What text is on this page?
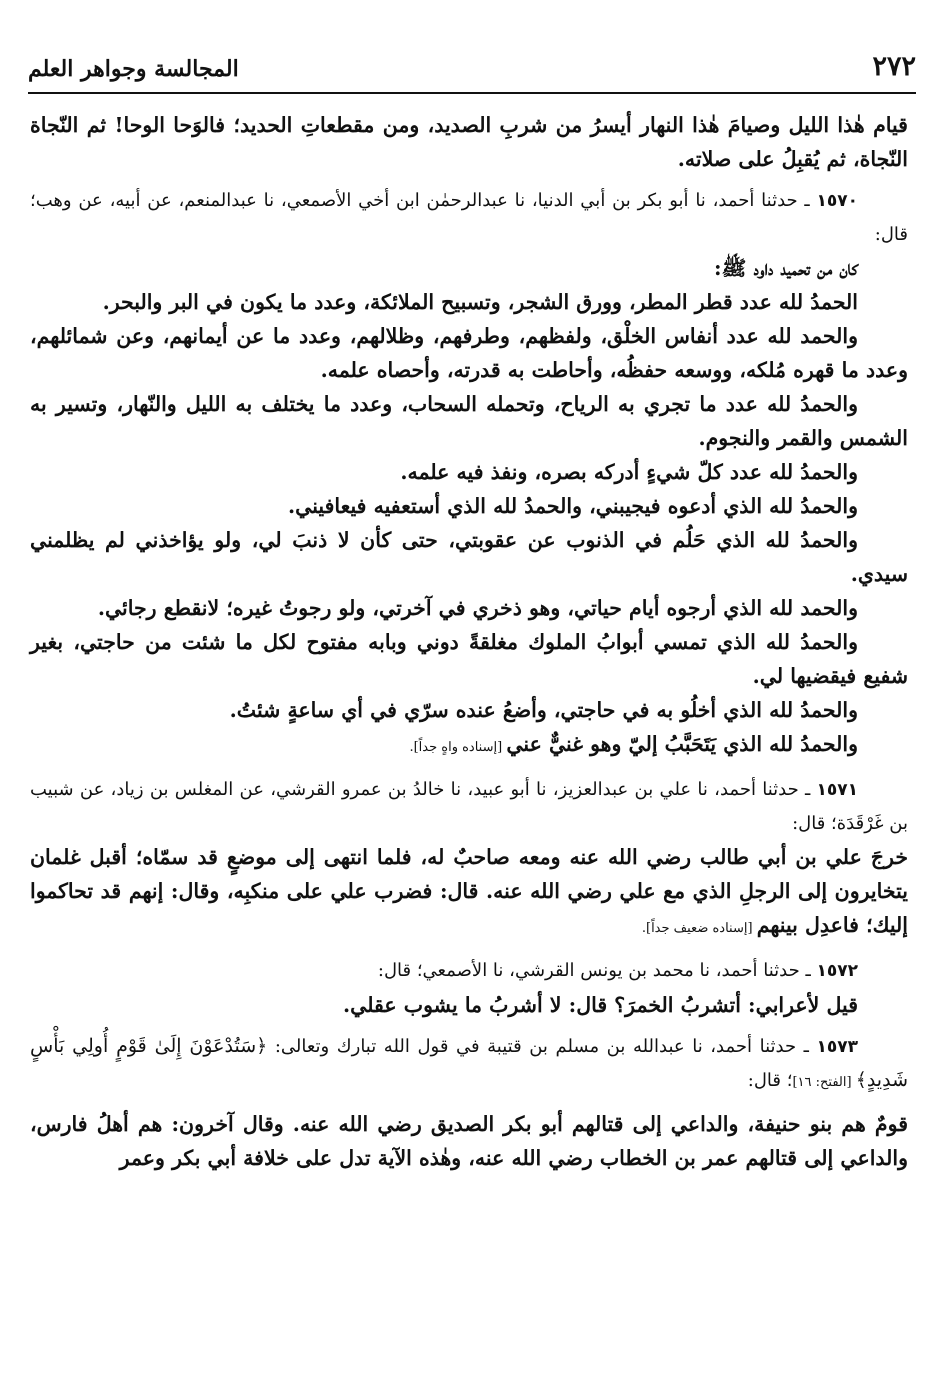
٢٧٢
المجالسة وجواهر العلم

قيام هٰذا الليل وصيامَ هٰذا النهار أيسرُ من شربِ الصديد، ومن مقطعاتِ الحديد؛ فالوَحا الوحا! ثم النّجاة النّجاة، ثم يُقبِلُ على صلاته.

١٥٧٠ ـ حدثنا أحمد، نا أبو بكر بن أبي الدنيا، نا عبدالرحمٰن ابن أخي الأصمعي، نا عبدالمنعم، عن أبيه، عن وهب؛ قال:

كان من تحميد داود ﷺ:

الحمدُ لله عدد قطر المطر، وورق الشجر، وتسبيح الملائكة، وعدد ما يكون في البر والبحر.

والحمد لله عدد أنفاس الخلْق، ولفظهم، وطرفهم، وظلالهم، وعدد ما عن أيمانهم، وعن شمائلهم، وعدد ما قهره مُلكه، ووسعه حفظُه، وأحاطت به قدرته، وأحصاه علمه.

والحمدُ لله عدد ما تجري به الرياح، وتحمله السحاب، وعدد ما يختلف به الليل والنّهار، وتسير به الشمس والقمر والنجوم.

والحمدُ لله عدد كلّ شيءٍ أدركه بصره، ونفذ فيه علمه.

والحمدُ لله الذي أدعوه فيجيبني، والحمدُ لله الذي أستعفيه فيعافيني.

والحمدُ لله الذي حَلُم في الذنوب عن عقوبتي، حتى كأن لا ذنبَ لي، ولو يؤاخذني لم يظلمني سيدي.

والحمد لله الذي أرجوه أيام حياتي، وهو ذخري في آخرتي، ولو رجوتُ غيره؛ لانقطع رجائي.

والحمدُ لله الذي تمسي أبوابُ الملوك مغلقةً دوني وبابه مفتوح لكل ما شئت من حاجتي، بغير شفيع فيقضيها لي.

والحمدُ لله الذي أخلُو به في حاجتي، وأضعُ عنده سرّي في أي ساعةٍ شئتُ.

والحمدُ لله الذي يَتَحَبَّبُ إليّ وهو غنيٌّ عني [إسناده واهٍ جداً].

١٥٧١ ـ حدثنا أحمد، نا علي بن عبدالعزيز، نا أبو عبيد، نا خالدُ بن عمرو القرشي، عن المغلس بن زياد، عن شبيب بن غَرْقَدَة؛ قال:

خرجَ علي بن أبي طالب رضي الله عنه ومعه صاحبٌ له، فلما انتهى إلى موضعٍ قد سمّاه؛ أقبل غلمان يتخايرون إلى الرجلِ الذي مع علي رضي الله عنه. قال: فضرب علي على منكبِه، وقال: إنهم قد تحاكموا إليك؛ فاعدِل بينهم [إسناده ضعيف جداً].

١٥٧٢ ـ حدثنا أحمد، نا محمد بن يونس القرشي، نا الأصمعي؛ قال:

قيل لأعرابي: أتشربُ الخمرَ؟ قال: لا أشربُ ما يشوب عقلي.

١٥٧٣ ـ حدثنا أحمد، نا عبدالله بن مسلم بن قتيبة في قول الله تبارك وتعالى: ﴿سَتُدْعَوْنَ إِلَىٰ قَوْمٍ أُولِي بَأْسٍ شَدِيدٍ﴾ [الفتح: ١٦]؛ قال:

قومٌ هم بنو حنيفة، والداعي إلى قتالهم أبو بكر الصديق رضي الله عنه. وقال آخرون: هم أهلُ فارس، والداعي إلى قتالهم عمر بن الخطاب رضي الله عنه، وهٰذه الآية تدل على خلافة أبي بكر وعمر
